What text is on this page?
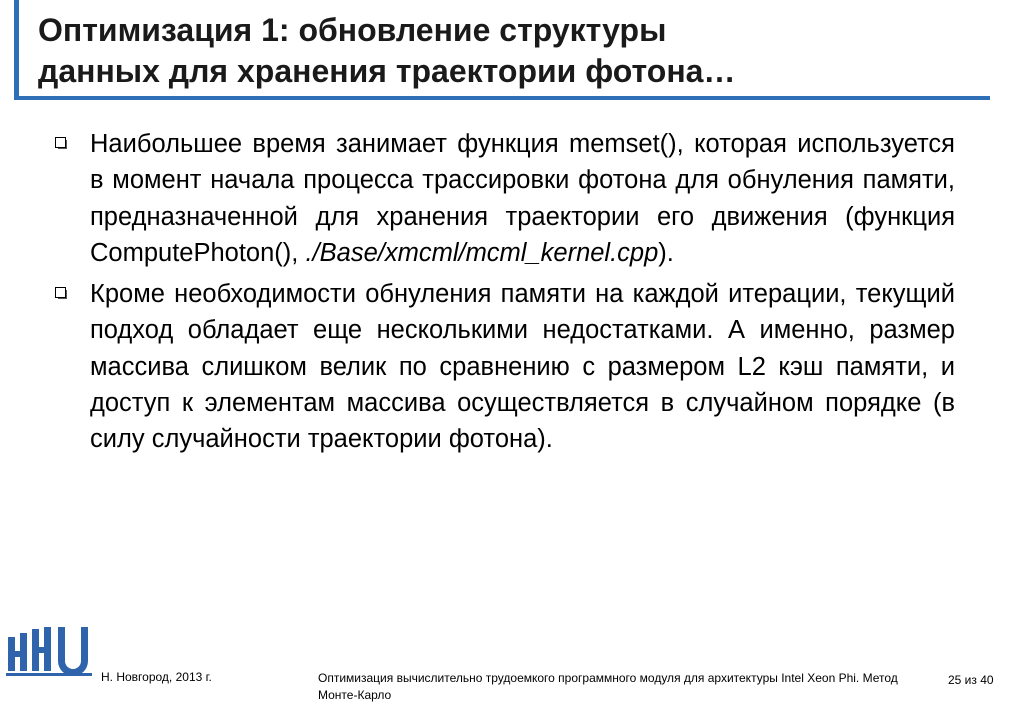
Оптимизация 1: обновление структуры
данных для хранения траектории фотона…
Наибольшее время занимает функция memset(), которая используется в момент начала процесса трассировки фотона для обнуления памяти, предназначенной для хранения траектории его движения (функция ComputePhoton(), ./Base/xmcml/mcml_kernel.cpp).
Кроме необходимости обнуления памяти на каждой итерации, текущий подход обладает еще несколькими недостатками. А именно, размер массива слишком велик по сравнению с размером L2 кэш памяти, и доступ к элементам массива осуществляется в случайном порядке (в силу случайности траектории фотона).
Н. Новгород, 2013 г.	Оптимизация вычислительно трудоемкого программного модуля для архитектуры Intel Xeon Phi. Метод Монте-Карло
25 из 40
